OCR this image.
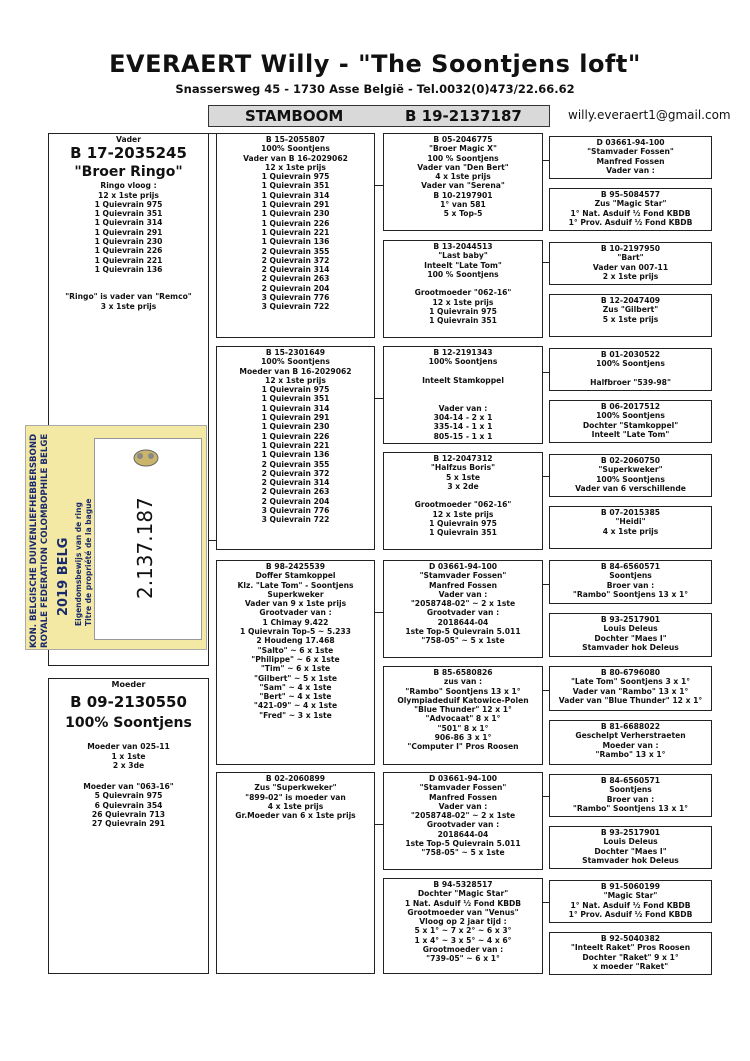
EVERAERT Willy - "The Soontjens loft"
Snassersweg 45 - 1730 Asse België - Tel.0032(0)473/22.66.62
STAMBOOM	B 19-2137187	willy.everaert1@gmail.com
Vader
B 17-2035245
"Broer Ringo"
Ringo vloog :
12 x 1ste prijs
1 Quievrain 975
1 Quievrain 351
1 Quievrain 314
1 Quievrain 291
1 Quievrain 230
1 Quievrain 226
1 Quievrain 221
1 Quievrain 136
"Ringo" is vader van "Remco"
3 x 1ste prijs
Moeder
B 09-2130550
100% Soontjens
Moeder van 025-11
1 x 1ste
2 x 3de
Moeder van "063-16"
5 Quievrain 975
6 Quievrain 354
26 Quievrain 713
27 Quievrain 291
KON. BELGISCHE DUIVENLIEFHEBBERSBOND ROYALE FEDERATION COLOMBOPHILE BELGE 2019 BELG Eigendomsbewijs van de ring Titre de propriété de la bague 2.137.187
B 15-2055807
100% Soontjens
Vader van B 16-2029062
12 x 1ste prijs
1 Quievrain 975
1 Quievrain 351
1 Quievrain 314
1 Quievrain 291
1 Quievrain 230
1 Quievrain 226
1 Quievrain 221
1 Quievrain 136
2 Quievrain 355
2 Quievrain 372
2 Quievrain 314
2 Quievrain 263
2 Quievrain 204
3 Quievrain 776
3 Quievrain 722
B 15-2301649
100% Soontjens
Moeder van B 16-2029062
12 x 1ste prijs
1 Quievrain 975
1 Quievrain 351
1 Quievrain 314
1 Quievrain 291
1 Quievrain 230
1 Quievrain 226
1 Quievrain 221
1 Quievrain 136
2 Quievrain 355
2 Quievrain 372
2 Quievrain 314
2 Quievrain 263
2 Quievrain 204
3 Quievrain 776
3 Quievrain 722
B 98-2425539
Doffer Stamkoppel
Klz. "Late Tom" - Soontjens
Superkweker
Vader van 9 x 1ste prijs
Grootvader van :
1 Chimay 9.422
1 Quievrain Top-5 ~ 5.233
2 Houdeng 17.468
"Salto" ~ 6 x 1ste
"Philippe" ~ 6 x 1ste
"Tim" ~ 6 x 1ste
"Gilbert" ~ 5 x 1ste
"Sam" ~ 4 x 1ste
"Bert" ~ 4 x 1ste
"421-09" ~ 4 x 1ste
"Fred" ~ 3 x 1ste
B 02-2060899
Zus "Superkweker"
"899-02" is moeder van
4 x 1ste prijs
Gr.Moeder van 6 x 1ste prijs
B 05-2046775
"Broer Magic X"
100 % Soontjens
Vader van "Den Bert"
4 x 1ste prijs
Vader van "Serena"
B 10-2197901
1° van 581
5 x Top-5
B 13-2044513
"Last baby"
Inteelt "Late Tom"
100 % Soontjens

Grootmoeder "062-16"
12 x 1ste prijs
1 Quievrain 975
1 Quievrain 351
B 12-2191343
100% Soontjens

Inteelt Stamkoppel

Vader van :
304-14 - 2 x 1
335-14 - 1 x 1
805-15 - 1 x 1
B 12-2047312
"Halfzus Boris"
5 x 1ste
3 x 2de

Grootmoeder "062-16"
12 x 1ste prijs
1 Quievrain 975
1 Quievrain 351
D 03661-94-100
"Stamvader Fossen"
Manfred Fossen
Vader van :
"2058748-02" ~ 2 x 1ste
Grootvader van :
2018644-04
1ste Top-5 Quievrain 5.011
"758-05" ~ 5 x 1ste
B 85-6580826
zus van :
"Rambo" Soontjens 13 x 1°
Olympiadeduif Katowice-Polen
"Blue Thunder" 12 x 1°
"Advocaat" 8 x 1°
"501" 8 x 1°
906-86 3 x 1°
"Computer I" Pros Roosen
D 03661-94-100
"Stamvader Fossen"
Manfred Fossen
Vader van :
"2058748-02" ~ 2 x 1ste
Grootvader van :
2018644-04
1ste Top-5 Quievrain 5.011
"758-05" ~ 5 x 1ste
B 94-5328517
Dochter "Magic Star"
1 Nat. Asduif ½ Fond KBDB
Grootmoeder van "Venus"
Vloog op 2 jaar tijd :
5 x 1° ~ 7 x 2° ~ 6 x 3°
1 x 4° ~ 3 x 5° ~ 4 x 6°
Grootmoeder van :
"739-05" ~ 6 x 1°
D 03661-94-100
"Stamvader Fossen"
Manfred Fossen
Vader van :
B 95-5084577
Zus "Magic Star"
1° Nat. Asduif ½ Fond KBDB
1° Prov. Asduif ½ Fond KBDB
B 10-2197950
"Bart"
Vader van 007-11
2 x 1ste prijs
B 12-2047409
Zus "Gilbert"
5 x 1ste prijs
B 01-2030522
100% Soontjens

Halfbroer "539-98"
B 06-2017512
100% Soontjens
Dochter "Stamkoppel"
Inteelt "Late Tom"
B 02-2060750
"Superkweker"
100% Soontjens
Vader van 6 verschillende
B 07-2015385
"Heidi"
4 x 1ste prijs
B 84-6560571
Soontjens
Broer van :
"Rambo" Soontjens 13 x 1°
B 93-2517901
Louis Deleus
Dochter "Maes I"
Stamvader hok Deleus
B 80-6796080
"Late Tom" Soontjens 3 x 1°
Vader van "Rambo" 13 x 1°
Vader van "Blue Thunder" 12 x 1°
B 81-6688022
Geschelpt Verherstraeten
Moeder van :
"Rambo" 13 x 1°
B 84-6560571
Soontjens
Broer van :
"Rambo" Soontjens 13 x 1°
B 93-2517901
Louis Deleus
Dochter "Maes I"
Stamvader hok Deleus
B 91-5060199
"Magic Star"
1° Nat. Asduif ½ Fond KBDB
1° Prov. Asduif ½ Fond KBDB
B 92-5040382
"Inteelt Raket" Pros Roosen
Dochter "Raket" 9 x 1°
x moeder "Raket"
